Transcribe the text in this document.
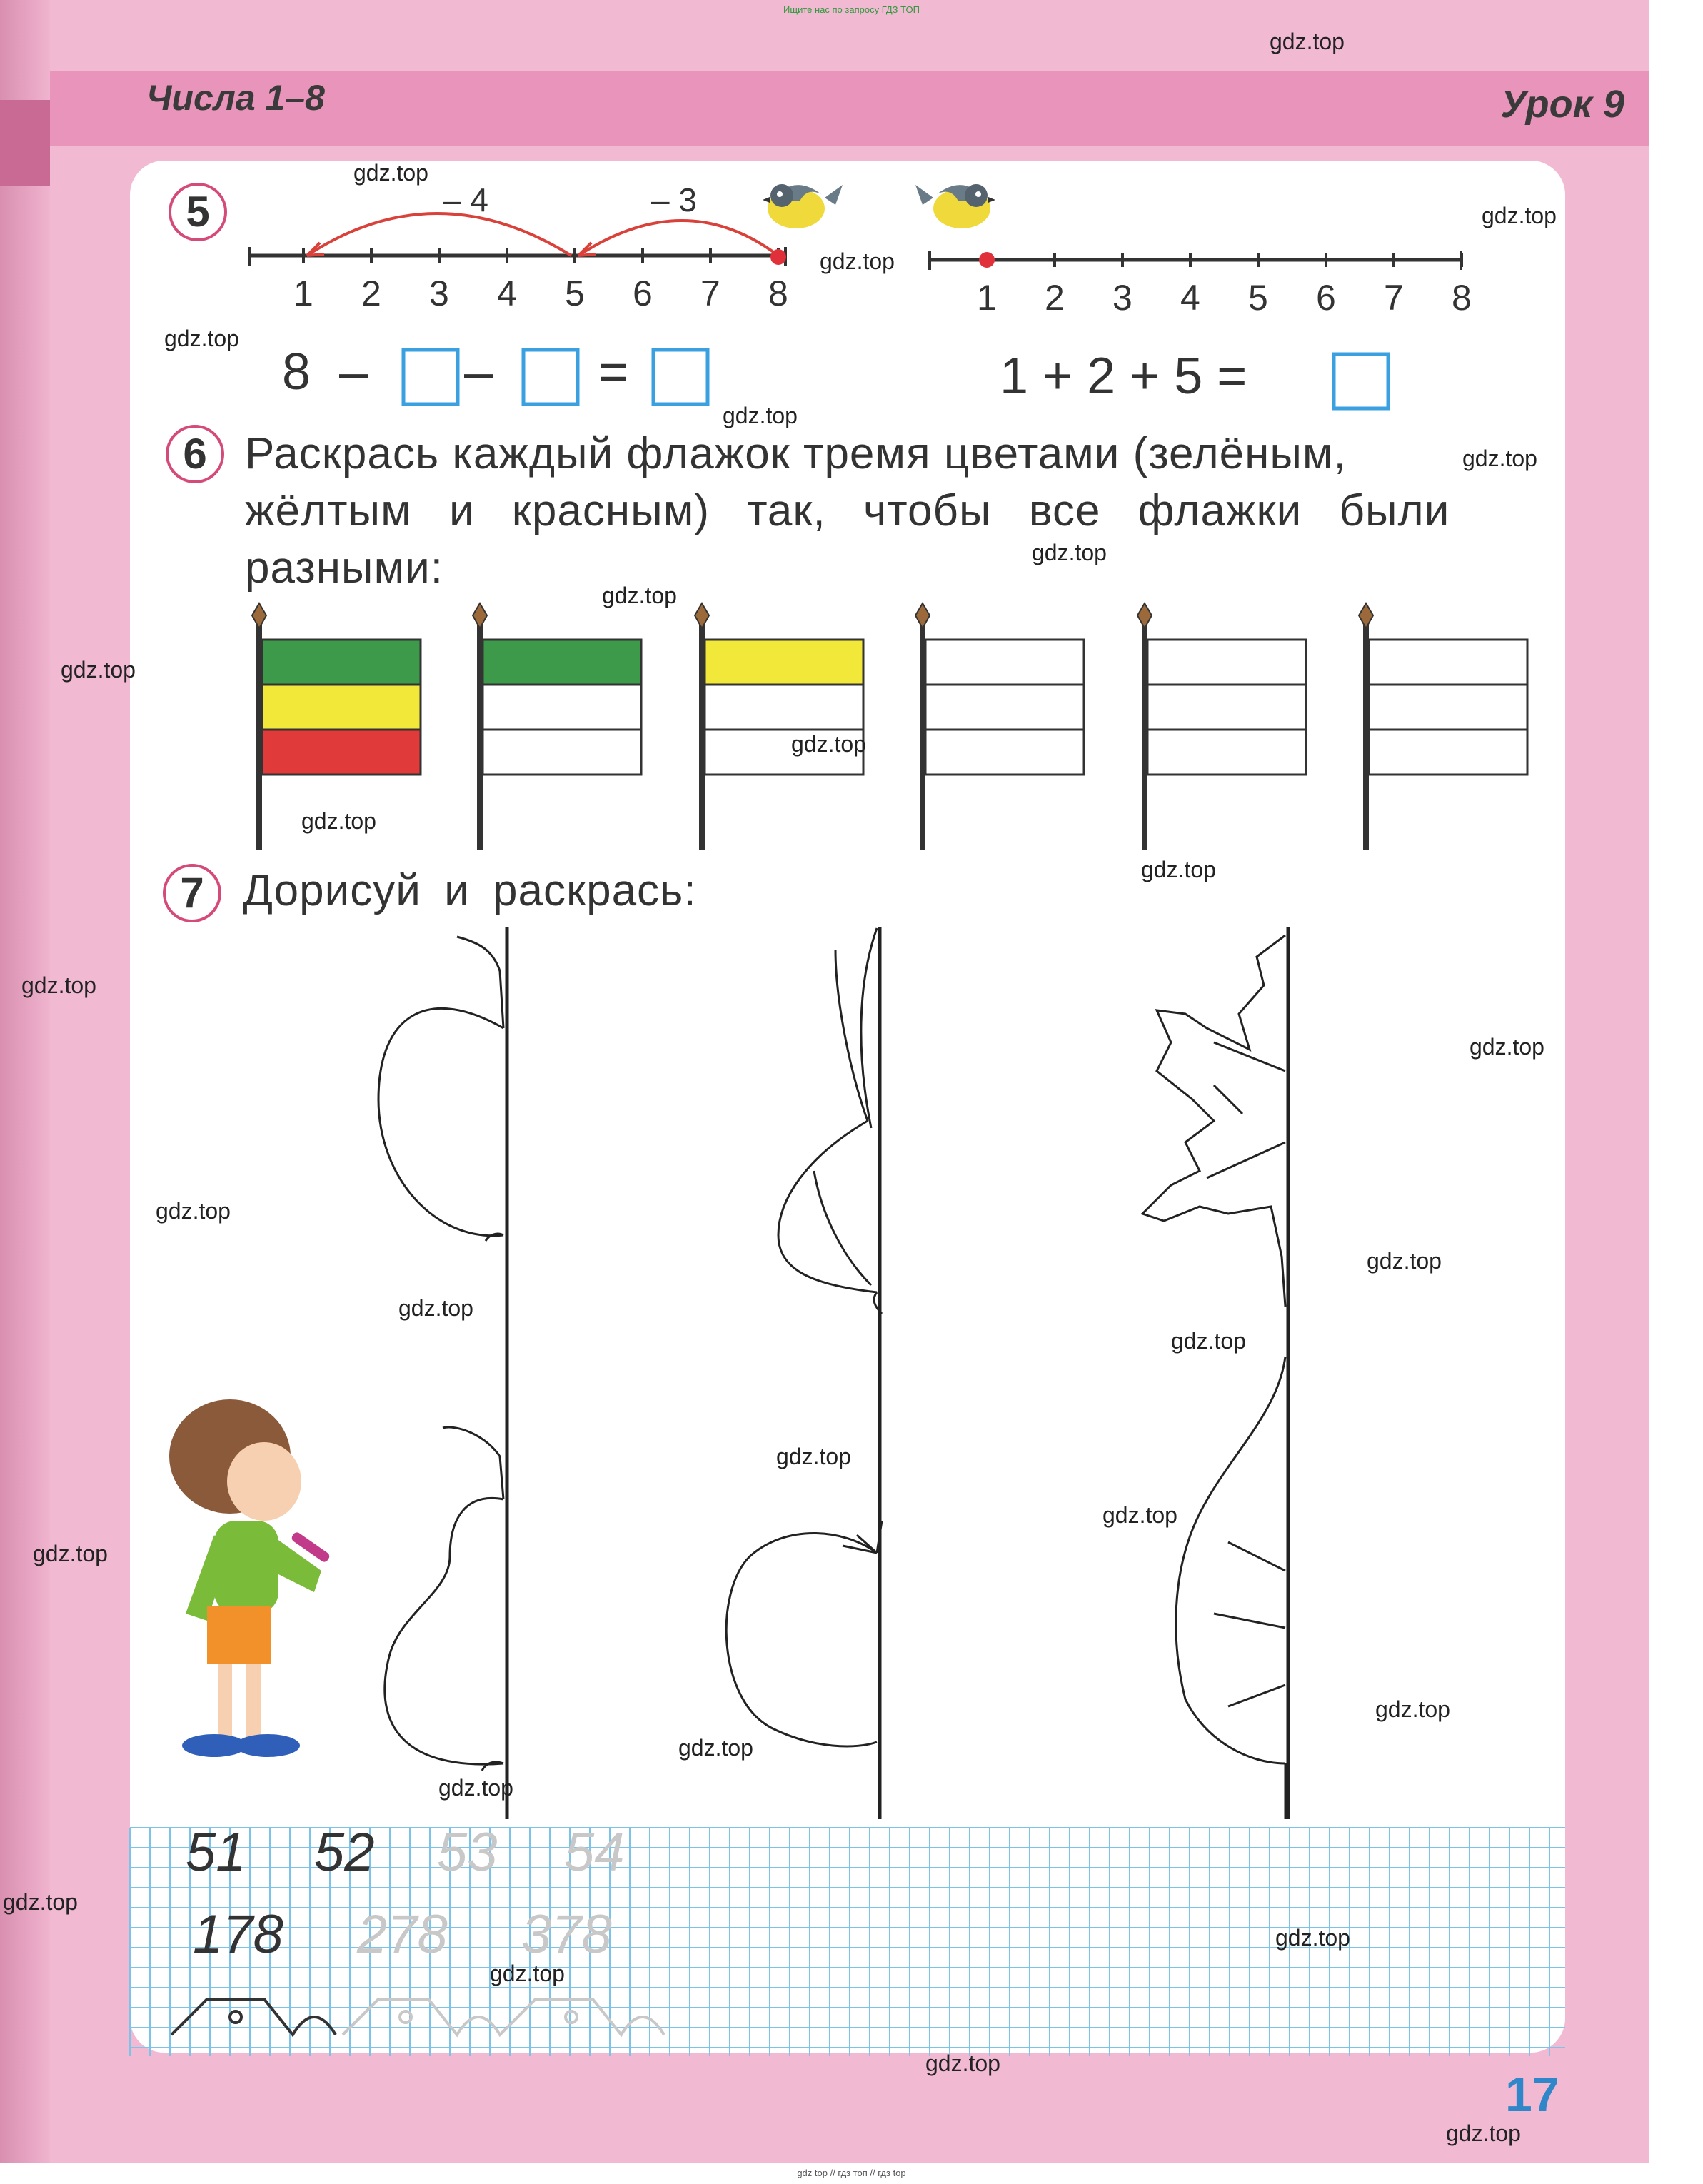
Ищите нас по запросу ГДЗ ТОП
Числа 1–8	Урок 9
5
1 2 3 4 5 6 7 8
– 4	– 3
1 2 3 4 5 6 7 8
8 – – =	1 + 2 + 5 =
6 Раскрась каждый флажок тремя цветами (зелёным,
жёлтым и красным) так, чтобы все флажки были
разными:
7 Дорисуй и раскрась:
51 52 53 54
178 278 378
17
gdz top // гдз топ // гдз top
gdz.top
gdz.top
gdz.top
gdz.top
gdz.top
gdz.top
gdz.top
gdz.top
gdz.top
gdz.top
gdz.top
gdz.top
gdz.top
gdz.top
gdz.top
gdz.top
gdz.top
gdz.top
gdz.top
gdz.top
gdz.top
gdz.top
gdz.top
gdz.top
gdz.top
gdz.top
gdz.top
gdz.top
gdz.top
gdz.top
